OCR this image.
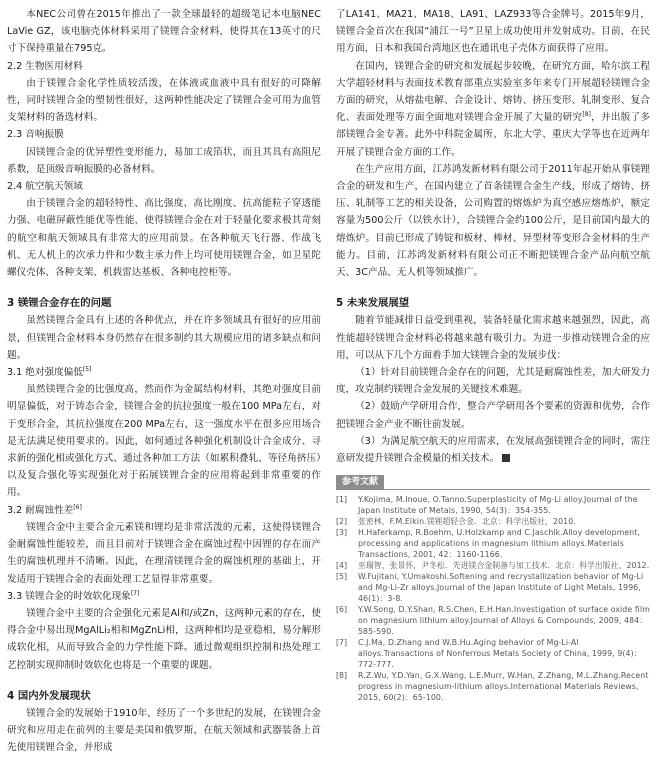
本NEC公司曾在2015年推出了一款全球最轻的超级笔记本电脑NEC LaVie GZ，该电脑壳体材料采用了镁锂合金材料，使得其在13英寸的尺寸下保持重量在795克。

2.2 生物医用材料

由于镁锂合金化学性质较活泼，在体液或血液中具有很好的可降解性，同时镁锂合金的塑韧性很好，这两种性能决定了镁锂合金可用为血管支架材料的备选材料。

2.3 音响振膜

因镁锂合金的优异塑性变形能力，易加工成箔状，而且其具有高阻尼系数，是顶级音响振膜的必备材料。

2.4 航空航天领域

由于镁锂合金的超轻特性、高比强度、高比刚度、抗高能粒子穿透能力强、电磁屏蔽性能优等性能，使得镁锂合金在对于轻量化要求极其苛刻的航空和航天领域具有非常大的应用前景。在各种航天飞行器、作战飞机、无人机上的次承力件和少数主承力件上均可使用镁锂合金，如卫星陀螺仪壳体、各种支架、机载雷达基板、各种电控柜等。

3 镁锂合金存在的问题

虽然镁锂合金具有上述的各种优点，并在许多领域具有很好的应用前景，但镁锂合金材料本身仍然存在很多制约其大规模应用的诸多缺点和问题。

3.1 绝对强度偏低[5]

虽然镁锂合金的比强度高，然而作为金属结构材料，其绝对强度目前明显偏低，对于铸态合金，镁锂合金的抗拉强度一般在100 MPa左右，对于变形合金，其抗拉强度在200 MPa左右，这一强度水平在很多应用场合是无法满足使用要求的。因此，如何通过各种强化机制设计合金成分、寻求新的强化相或强化方式、通过各种加工方法（如累积叠轧、等径角挤压）以及复合强化等实现强化对于拓展镁锂合金的应用将起到非常重要的作用。

3.2 耐腐蚀性差[6]

镁锂合金中主要合金元素镁和锂均是非常活泼的元素，这使得镁锂合金耐腐蚀性能较差，而且目前对于镁锂合金在腐蚀过程中因锂的存在而产生的腐蚀机理并不清晰。因此，在理清镁锂合金的腐蚀机理的基础上，开发适用于镁锂合金的表面处理工艺显得非常重要。

3.3 镁锂合金的时效软化现象[7]

镁锂合金中主要的合金强化元素是Al和/或Zn，这两种元素的存在，使得合金中易出现MgAlLi₂相和MgZnLi相，这两种相均是亚稳相，易分解形成软化相，从而导致合金的力学性能下降。通过微观组织控制和热处理工艺控制实现抑制时效软化也将是一个重要的课题。

4 国内外发展现状

镁锂合金的发展始于1910年，经历了一个多世纪的发展，在镁锂合金研究和应用走在前列的主要是美国和俄罗斯，在航天领域和武器装备上首先使用镁锂合金，并形成

了LA141、MA21、MA18、LA91、LAZ933等合金牌号。2015年9月，镁锂合金首次在我国“浦江一号”卫星上成功使用并发射成功。目前，在民用方面，日本和我国台湾地区也在通讯电子壳体方面获得了应用。

在国内，镁锂合金的研究和发展起步较晚，在研究方面，哈尔滨工程大学超轻材料与表面技术教育部重点实验室多年来专门开展超轻镁锂合金方面的研究，从熔盐电解、合金设计、熔铸、挤压变形、轧制变形、复合化、表面处理等方面全面地对镁锂合金开展了大量的研究[8]，并出版了多部镁锂合金专著。此外中科院金属所、东北大学、重庆大学等也在近两年开展了镁锂合金方面的工作。

在生产应用方面，江苏鸿发新材料有限公司于2011年起开始从事镁锂合金的研发和生产，在国内建立了首条镁锂合金生产线，形成了熔铸、挤压、轧制等工艺的相关设备，公司购置的熔炼炉为真空感应熔炼炉，额定容量为500公斤（以铁水计），合镁锂合金约100公斤，是目前国内最大的熔炼炉。目前已形成了铸锭和板材、棒材、异型材等变形合金材料的生产能力。目前，江苏鸿发新材料有限公司正不断把镁锂合金产品向航空航天、3C产品、无人机等领域推广。

5 未来发展展望

随着节能减排日益受到重视，装备轻量化需求越来越强烈，因此，高性能超轻镁锂合金材料必将越来越有吸引力。为进一步推动镁锂合金的应用，可以从下几个方面着手加大镁锂合金的发展步伐：

（1）针对目前镁锂合金存在的问题，尤其是耐腐蚀性差，加大研发力度，攻克制约镁锂合金发展的关键技术难题。

（2）鼓励产学研用合作，整合产学研用各个要素的资源和优势，合作把镁锂合金产业不断往前发展。

（3）为满足航空航天的应用需求，在发展高强镁锂合金的同时，需注意研发提升镁锂合金模量的相关技术。

参考文献
[1]	Y.Kojima, M.Inoue, O.Tanno.Superplasticity of Mg-Li alloy.Journal of the Japan Institute of Metals, 1990, 54(3)：354-355.
[2]	张密林，F.M.Elkin.镁锂超轻合金．北京：科学出版社，2010.
[3]	H.Haferkamp, R.Boehm, U.Holzkamp and C.Jaschik.Alloy development, processing and applications in magnesium lithium alloys.Materials Transactions, 2001, 42：1160-1166.
[4]	巫瑞智，张景怀，尹冬松．先进镁合金制备与加工技术．北京：科学出版社，2012.
[5]	W.Fujitani, Y.Umakoshi.Softening and recrystallization behavior of Mg-Li and Mg-Li-Zr alloys.Journal of the Japan Institute of Light Metals, 1996, 46(1)：3-8.
[6]	Y.W.Song, D.Y.Shan, R.S.Chen, E.H.Han.Investigation of surface oxide film on magnesium lithium alloy.Journal of Alloys & Compounds, 2009, 484：585-590.
[7]	C.J.Ma, D.Zhang and W.B.Hu.Aging behavior of Mg-Li-Al alloys.Transactions of Nonferrous Metals Society of China, 1999, 9(4)：772-777.
[8]	R.Z.Wu, Y.D.Yan, G.X.Wang, L.E.Murr, W.Han, Z.Zhang, M.L.Zhang.Recent progress in magnesium-lithium alloys.International Materials Reviews, 2015, 60(2)：65-100.
